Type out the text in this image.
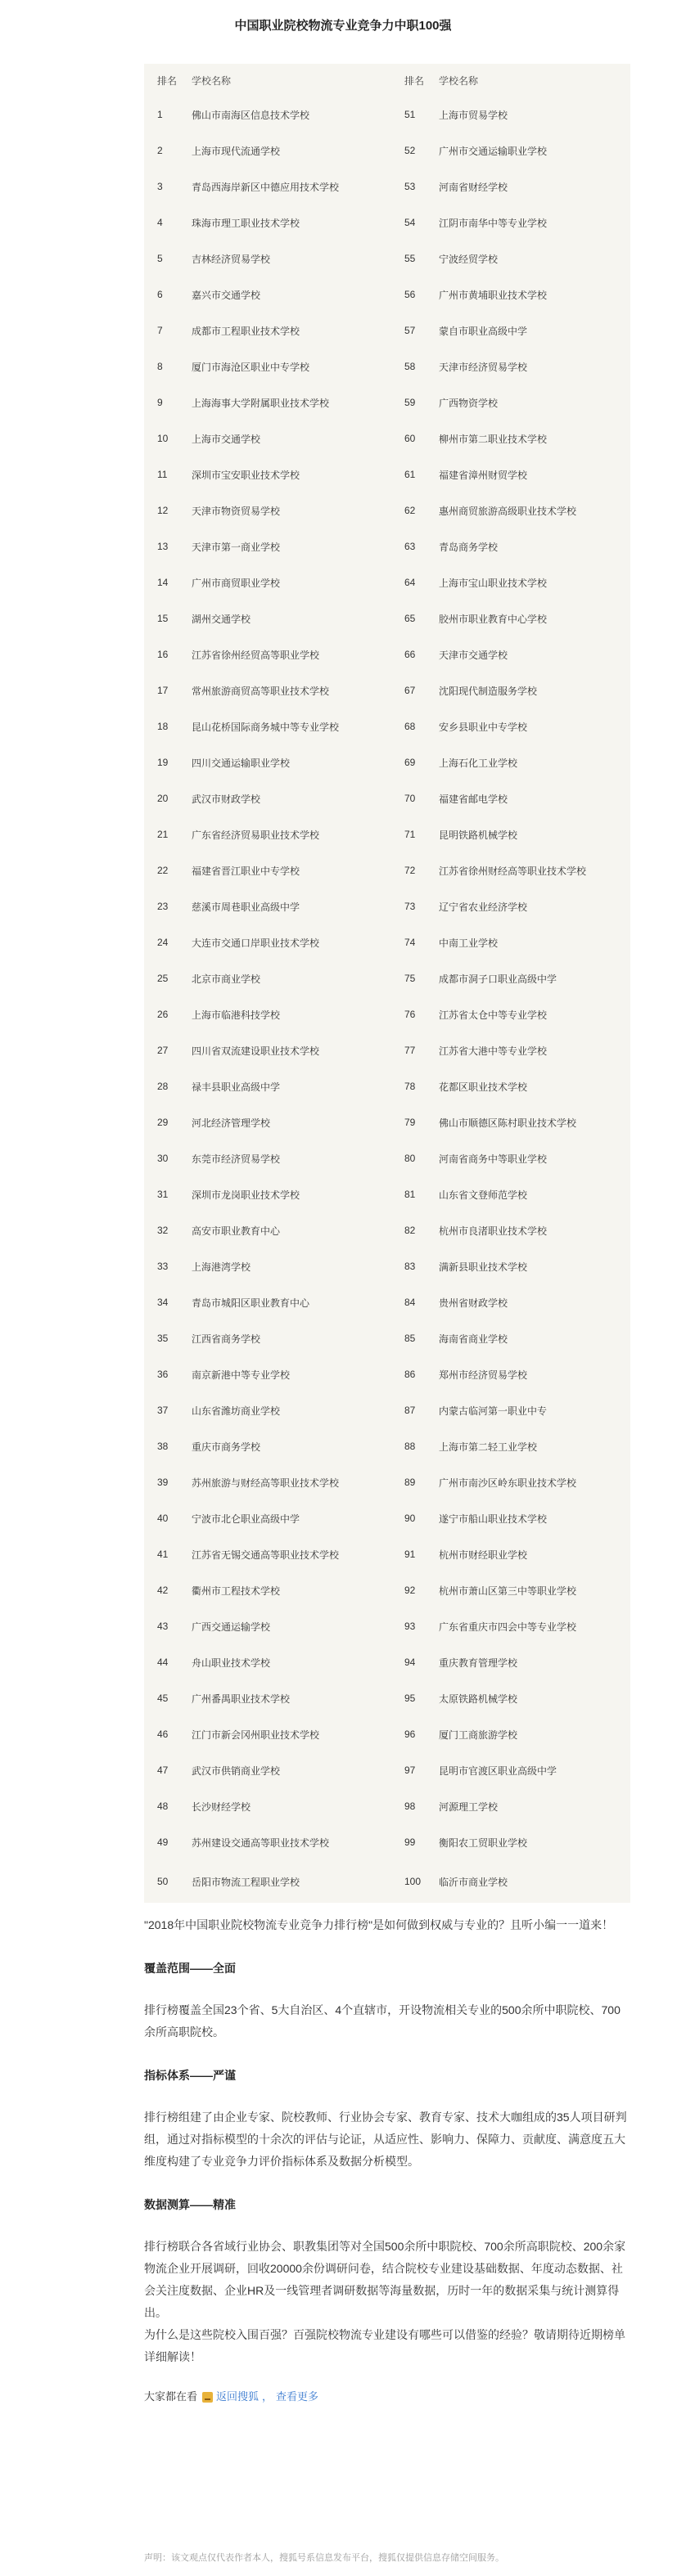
中国职业院校物流专业竞争力中职100强
排名	学校名称	排名	学校名称
1	佛山市南海区信息技术学校	51	上海市贸易学校
2	上海市现代流通学校	52	广州市交通运输职业学校
3	青岛西海岸新区中德应用技术学校	53	河南省财经学校
4	珠海市理工职业技术学校	54	江阴市南华中等专业学校
5	吉林经济贸易学校	55	宁波经贸学校
6	嘉兴市交通学校	56	广州市黄埔职业技术学校
7	成都市工程职业技术学校	57	蒙自市职业高级中学
8	厦门市海沧区职业中专学校	58	天津市经济贸易学校
9	上海海事大学附属职业技术学校	59	广西物资学校
10	上海市交通学校	60	柳州市第二职业技术学校
11	深圳市宝安职业技术学校	61	福建省漳州财贸学校
12	天津市物资贸易学校	62	惠州商贸旅游高级职业技术学校
13	天津市第一商业学校	63	青岛商务学校
14	广州市商贸职业学校	64	上海市宝山职业技术学校
15	湖州交通学校	65	胶州市职业教育中心学校
16	江苏省徐州经贸高等职业学校	66	天津市交通学校
17	常州旅游商贸高等职业技术学校	67	沈阳现代制造服务学校
18	昆山花桥国际商务城中等专业学校	68	安乡县职业中专学校
19	四川交通运输职业学校	69	上海石化工业学校
20	武汉市财政学校	70	福建省邮电学校
21	广东省经济贸易职业技术学校	71	昆明铁路机械学校
22	福建省晋江职业中专学校	72	江苏省徐州财经高等职业技术学校
23	慈溪市周巷职业高级中学	73	辽宁省农业经济学校
24	大连市交通口岸职业技术学校	74	中南工业学校
25	北京市商业学校	75	成都市洞子口职业高级中学
26	上海市临港科技学校	76	江苏省太仓中等专业学校
27	四川省双流建设职业技术学校	77	江苏省大港中等专业学校
28	禄丰县职业高级中学	78	花都区职业技术学校
29	河北经济管理学校	79	佛山市顺德区陈村职业技术学校
30	东莞市经济贸易学校	80	河南省商务中等职业学校
31	深圳市龙岗职业技术学校	81	山东省文登师范学校
32	高安市职业教育中心	82	杭州市良渚职业技术学校
33	上海港湾学校	83	满新县职业技术学校
34	青岛市城阳区职业教育中心	84	贵州省财政学校
35	江西省商务学校	85	海南省商业学校
36	南京新港中等专业学校	86	郑州市经济贸易学校
37	山东省潍坊商业学校	87	内蒙古临河第一职业中专
38	重庆市商务学校	88	上海市第二轻工业学校
39	苏州旅游与财经高等职业技术学校	89	广州市南沙区岭东职业技术学校
40	宁波市北仑职业高级中学	90	遂宁市船山职业技术学校
41	江苏省无锡交通高等职业技术学校	91	杭州市财经职业学校
42	衢州市工程技术学校	92	杭州市萧山区第三中等职业学校
43	广西交通运输学校	93	广东省重庆市四会中等专业学校
44	舟山职业技术学校	94	重庆教育管理学校
45	广州番禺职业技术学校	95	太原铁路机械学校
46	江门市新会冈州职业技术学校	96	厦门工商旅游学校
47	武汉市供销商业学校	97	昆明市官渡区职业高级中学
48	长沙财经学校	98	河源理工学校
49	苏州建设交通高等职业技术学校	99	衡阳农工贸职业学校
50	岳阳市物流工程职业学校	100	临沂市商业学校

"2018年中国职业院校物流专业竞争力排行榜"是如何做到权威与专业的？且听小编一一道来！

覆盖范围——全面

排行榜覆盖全国23个省、5大自治区、4个直辖市，开设物流相关专业的500余所中职院校、700余所高职院校。

指标体系——严谨

排行榜组建了由企业专家、院校教师、行业协会专家、教育专家、技术大咖组成的35人项目研判组，通过对指标模型的十余次的评估与论证，从适应性、影响力、保障力、贡献度、满意度五大维度构建了专业竞争力评价指标体系及数据分析模型。

数据测算——精准

排行榜联合各省域行业协会、职教集团等对全国500余所中职院校、700余所高职院校、200余家物流企业开展调研，回收20000余份调研问卷，结合院校专业建设基础数据、年度动态数据、社会关注度数据、企业HR及一线管理者调研数据等海量数据，历时一年的数据采集与统计测算得出。

为什么是这些院校入围百强？百强院校物流专业建设有哪些可以借鉴的经验？敬请期待近期榜单详细解读！

大家都在看 返回搜狐 ， 查看更多
声明：该文观点仅代表作者本人，搜狐号系信息发布平台，搜狐仅提供信息存储空间服务。
